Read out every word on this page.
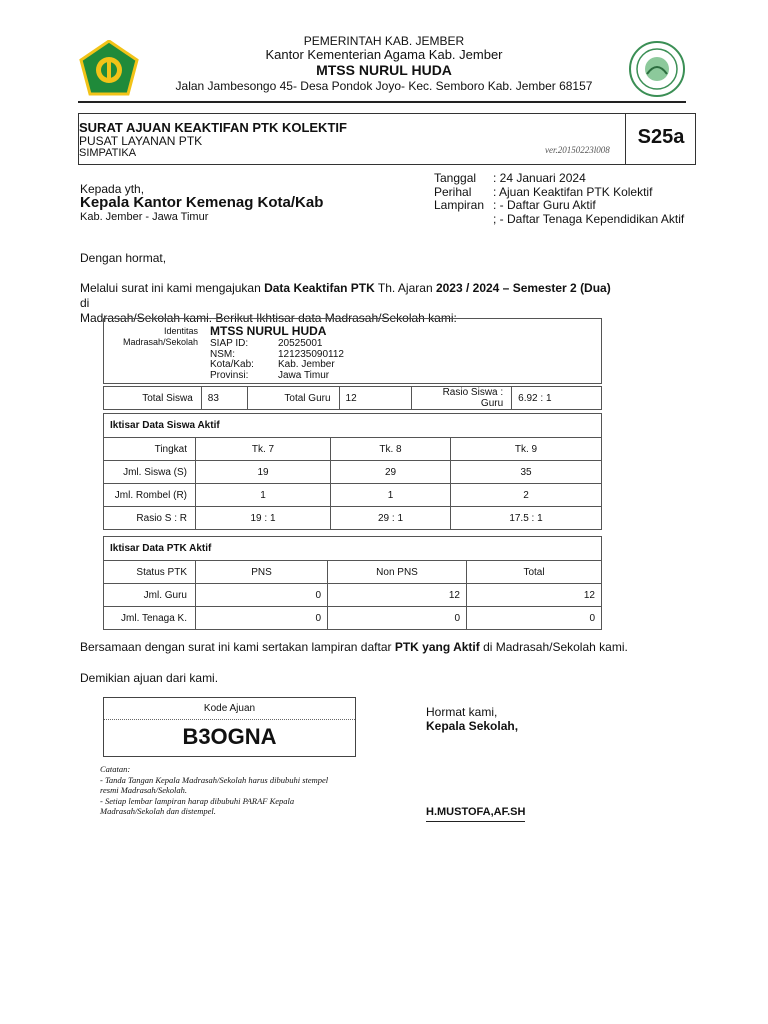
PEMERINTAH KAB. JEMBER
Kantor Kementerian Agama Kab. Jember
MTSS NURUL HUDA
Jalan Jambesongo 45- Desa Pondok Joyo- Kec. Semboro Kab. Jember 68157
SURAT AJUAN KEAKTIFAN PTK KOLEKTIF
PUSAT LAYANAN PTK
SIMPATIKA	ver.20150223l008
S25a
Tanggal	: 24 Januari 2024
Perihal	: Ajuan Keaktifan PTK Kolektif
Lampiran : - Daftar Guru Aktif
; - Daftar Tenaga Kependidikan Aktif
Kepada yth,
Kepala Kantor Kemenag Kota/Kab
Kab. Jember - Jawa Timur
Dengan hormat,
Melalui surat ini kami mengajukan Data Keaktifan PTK Th. Ajaran 2023 / 2024 – Semester 2 (Dua) di
Madrasah/Sekolah kami. Berikut Ikhtisar data Madrasah/Sekolah kami:
Identitas
Madrasah/Sekolah
MTSS NURUL HUDA
SIAP ID:	20525001
NSM:	121235090112
Kota/Kab:	Kab. Jember
Provinsi:	Jawa Timur
Total Siswa	83	Total Guru	12	Rasio Siswa : Guru	6.92 : 1
Iktisar Data Siswa Aktif			
Tingkat	Tk. 7	Tk. 8	Tk. 9
Jml. Siswa (S)	19	29	35
Jml. Rombel (R)	1	1	2
Rasio S : R	19 : 1	29 : 1	17.5 : 1
Iktisar Data PTK Aktif			
Status PTK	PNS	Non PNS	Total
Jml. Guru	0	12	12
Jml. Tenaga K.	0	0	0
Bersamaan dengan surat ini kami sertakan lampiran daftar PTK yang Aktif di Madrasah/Sekolah kami.
Demikian ajuan dari kami.
Kode Ajuan
B3OGNA
Catatan:
- Tanda Tangan Kepala Madrasah/Sekolah harus dibubuhi stempel
resmi Madrasah/Sekolah.
- Setiap lembar lampiran harap dibubuhi PARAF Kepala
Madrasah/Sekolah dan distempel.
Hormat kami,
Kepala Sekolah,
H.MUSTOFA,AF.SH
